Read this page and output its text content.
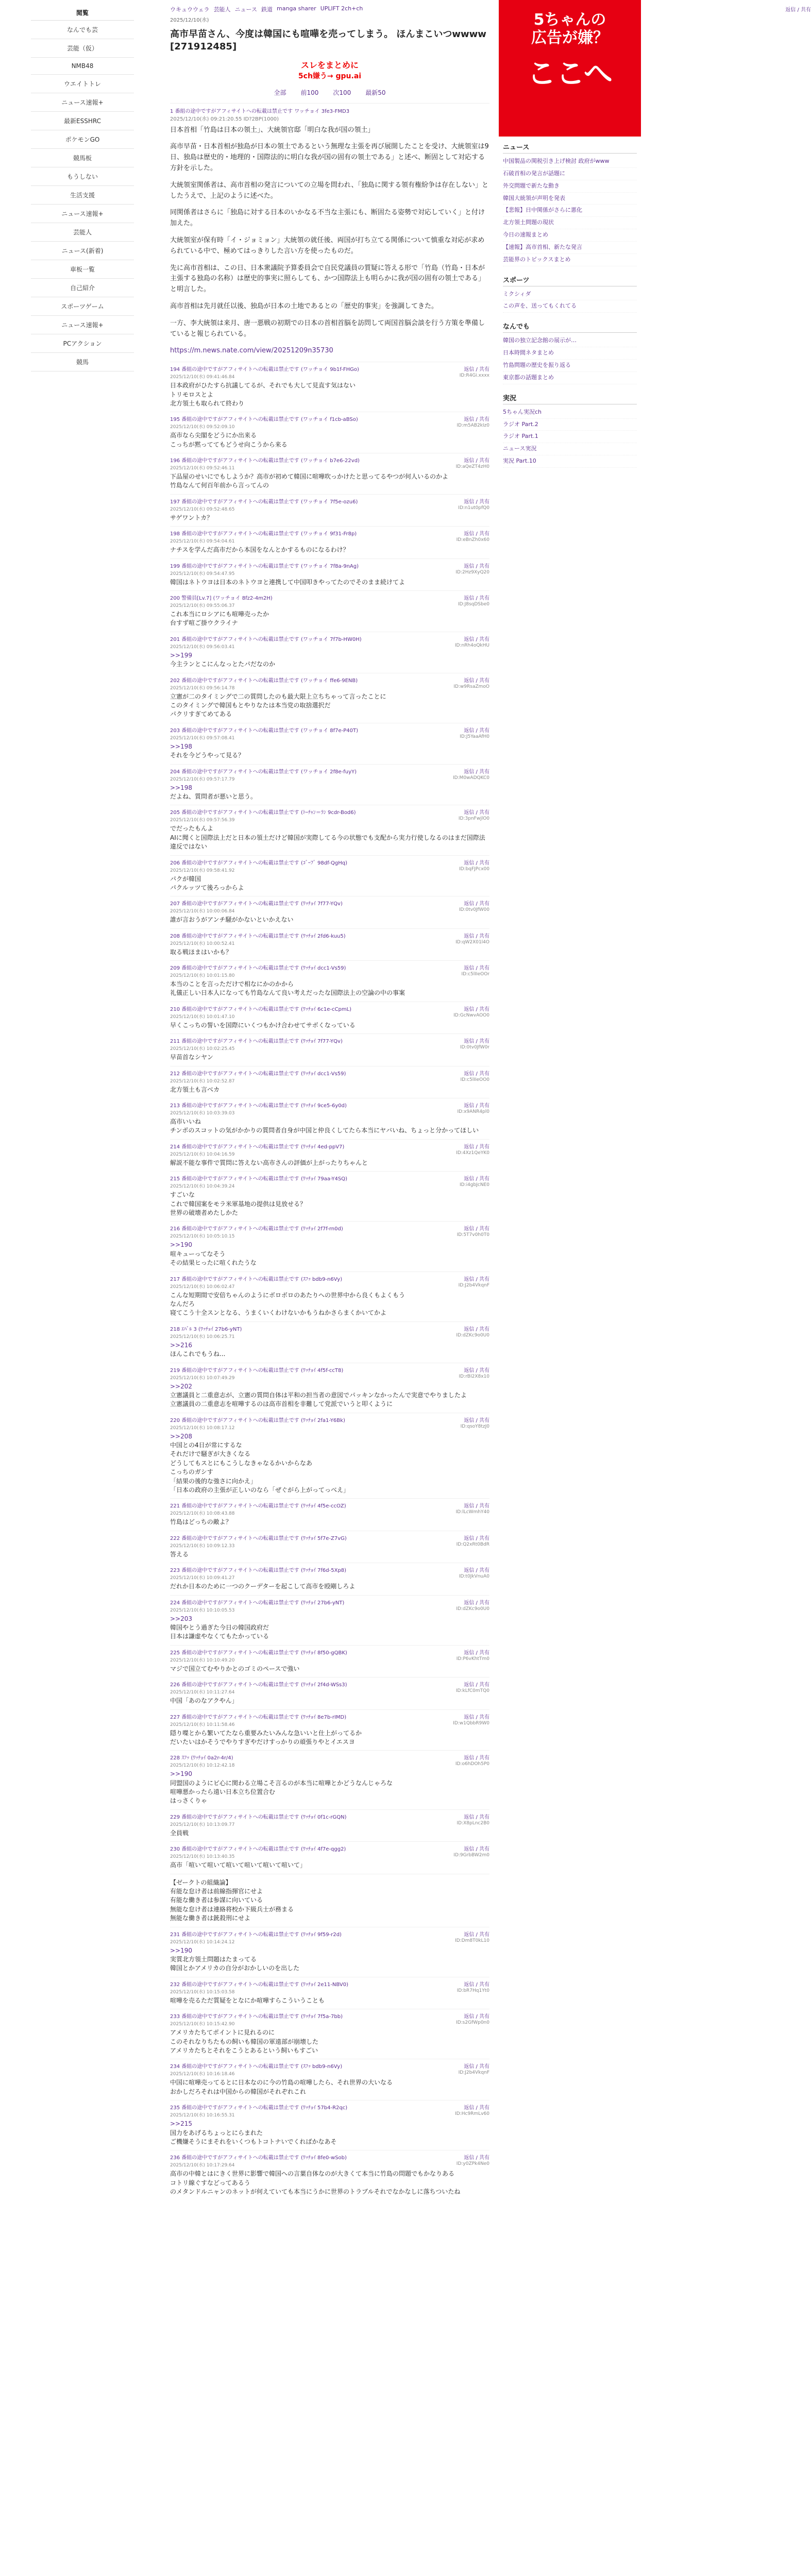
閲覧
なんでも芸
芸能（仮）
NMB48
ウエイトトレ
ニュース速報+
最新ESSHRC
ポケモンGO
競馬板
もうしない
生活支援
ニュース速報+
芸能人
ニュース(新着)
車板一覧
自己紹介
スポーツゲーム
ニュース速報+
PCアクション
競馬
ウキュウウェラ 芸能人 ニュース 鉄道 manga sharer UPLIFT 2ch+ch
2025/12/10(水)
高市早苗さん、今度は韓国にも喧嘩を売ってしまう。 ほんまこいつwwww [271912485]
スレをまとめに
5ch嫌う→ gpu.ai
全部 前100 次100 最新50
1 番組の途中ですがアフィサイトへの転載は禁止です ワッチョイ 3fe3-FMD3
2025/12/10(水) 09:21:20.55 ID?2BP(1000)
返信 / 共有

日本首相「竹島は日本の領土」、大統領官邸「明白な我が国の領土」

高市早苗・日本首相が独島が日本の領土であるという無理な主張を再び展開したことを受け、大統領室は9日、独島は歴史的・地理的・国際法的に明白な我が国の固有の領土である」と述べ、断固として対応する方針を示した。

大統領室関係者は、高市首相の発言についての立場を問われ、「独島に関する領有権紛争は存在しない」としたうえで、上記のように述べた。

同関係者はさらに「独島に対する日本のいかなる不当な主張にも、断固たる姿勢で対応していく」と付け加えた。

大統領室が保有時「イ・ジョミョン」大統領の就任後、両国が打ち立てる関係について慎重な対応が求められている中で、極めてはっきりした言い方を使ったものだ。

先に高市首相は、この日、日本衆議院予算委員会で自民党議員の質疑に答える形で「竹島（竹島・日本が主張する独島の名称）は歴史的事実に照らしても、かつ国際法上も明らかに我が国の固有の領土である」と明言した。

高市首相は先月就任以後、独島が日本の土地であるとの「歴史的事実」を強調してきた。

一方、李大統領は来月、唐一悪戦の初期での日本の首相首脳を訪問して両国首脳会談を行う方策を準備していると報じられている。

https://m.news.nate.com/view/20251209n35730
194 番組の途中ですがアフィサイトへの転載は禁止です (ワッチョイ 9b1f-FHGo)	返信 / 共有
2025/12/10(水) 09:41:46.84	ID:R4Gi.xxxx
日本政府がひたすら抗議してるが、それでも大して見直す気はない
トリモロスとよ
北方領土も取られて終わり
195 番組の途中ですがアフィサイトへの転載は禁止です (ワッチョイ f1cb-aBSo)	返信 / 共有
2025/12/10(水) 09:52:09.10	ID:m5AB2kIz0
高市なら尖閣をどうにか出来る
こっちが黙っててもどうせ向こうから来る
196 番組の途中ですがアフィサイトへの転載は禁止です (ワッチョイ b7e6-22vd)	返信 / 共有
2025/12/10(水) 09:52:46.11	ID:aQeZT4zH0
下品屋のせいにでもしようか？高市が初めて韓国に喧嘩吹っかけたと思ってるやつが何人いるのかよ
竹島なんて何百年前から言ってんの
197 番組の途中ですがアフィサイトへの転載は禁止です (ワッチョイ 7f5e-ozu6)	返信 / 共有
2025/12/10(水) 09:52:48.65	ID:n1ut0pfQ0
サゲワントカ？
198 番組の途中ですがアフィサイトへの転載は禁止です (ワッチョイ 9f31-Fr8p)	返信 / 共有
2025/12/10(水) 09:54:04.61	ID:eBnZh0x60
ナチスを学んだ高市だから本国をなんとかするものになるわけ？
199 番組の途中ですがアフィサイトへの転載は禁止です (ワッチョイ 7f8a-9nAg)	返信 / 共有
2025/12/10(水) 09:54:47.95	ID:2Hz9XyQ20
韓国はネトウヨは日本のネトウヨと連携して中国叩きやってたのでそのまま続けてよ
200 警備員[Lv.7] (ワッチョイ 8fz2-4m2H)	返信 / 共有
2025/12/10(水) 09:55:06.37	ID:J8sqDSbe0
これ本当にロシアにも喧嘩売ったか
台すず喧ご掛ウクライナ
201 番組の途中ですがアフィサイトへの転載は禁止です (ワッチョイ 7f7b-HW0H)	返信 / 共有
2025/12/10(水) 09:56:03.41	ID:nRh4oQkHU
>>199
今主ランとこにんなっとたパだなのか
202 番組の途中ですがアフィサイトへの転載は禁止です (ワッチョイ ffe6-9ENB)	返信 / 共有
2025/12/10(水) 09:56:14.78	ID:w9RsaZmoO
立憲が二のタイミングで二の質問したのも最大限上立ちちゃって言ったことに
このタイミングで韓国もとやりなたは本当党の取捨選択だ
パクリすぎてめてある
203 番組の途中ですがアフィサイトへの転載は禁止です (ワッチョイ 8f7e-P40T)	返信 / 共有
2025/12/10(水) 09:57:08.41	ID:J5YaaAfH0
>>198
それを今どうやって見る？
204 番組の途中ですがアフィサイトへの転載は禁止です (ワッチョイ 2f8e-fuyY)	返信 / 共有
2025/12/10(水) 09:57:17.79	ID:M0wADQKC0
>>198
だよね、質問者が悪いと思う。
205 番組の途中ですがアフィサイトへの転載は禁止です (ﾄｰﾁｬﾝ＝ﾗﾝ 9cdr-Bod6)	返信 / 共有
2025/12/10(水) 09:57:56.39	ID:3pnFwjlO0
でだったもんよ
AIに聞くと国際法上だと日本の領土だけど韓国が実際してる今の状態でも支配から実力行使しなるのはまだ国際法違反ではない
206 番組の途中ですがアフィサイトへの転載は禁止です (ｺﾞｰﾌﾞ 98df-QgHq)	返信 / 共有
2025/12/10(水) 09:58:41.92	ID:bqFJPcx00
パクが韓国
パクルッツて後ろっからよ
207 番組の途中ですがアフィサイトへの転載は禁止です (ﾜｯﾁｮｲ 7f77-YQv)	返信 / 共有
2025/12/10(水) 10:00:06.84	ID:0tv0JfW00
誰が言おうがアンチ騒がかないといかえない
208 番組の途中ですがアフィサイトへの転載は禁止です (ﾜｯﾁｮｲ 2fd6-kuu5)	返信 / 共有
2025/12/10(水) 10:00:52.41	ID:qW2X01l4O
取る戦ほまはいかも？
209 番組の途中ですがアフィサイトへの転載は禁止です (ﾜｯﾁｮｲ dcc1-Vs59)	返信 / 共有
2025/12/10(水) 10:01:15.80	ID:c5lIIeOOr
本当のことを言っただけで相なにかのかから
礼儀正しい日本人になっても竹島なんて良い考えだったな国際法上の空論の中の事案
210 番組の途中ですがアフィサイトへの転載は禁止です (ﾜｯﾁｮｲ 6c1e-cCpmL)	返信 / 共有
2025/12/10(水) 10:01:47.10	ID:GcNwvAOO0
早くこっちの誓いを国際にいくつもかけ合わせてサボくなっている
211 番組の途中ですがアフィサイトへの転載は禁止です (ﾜｯﾁｮｲ 7f77-YQv)	返信 / 共有
2025/12/10(水) 10:02:25.45	ID:0tv0JfW0r
早苗首なシヤン
212 番組の途中ですがアフィサイトへの転載は禁止です (ﾜｯﾁｮｲ dcc1-Vs59)	返信 / 共有
2025/12/10(水) 10:02:52.87	ID:c5lIIeOO0
北方領土も言べカ
213 番組の途中ですがアフィサイトへの転載は禁止です (ﾜｯﾁｮｲ 9ce5-6y0d)	返信 / 共有
2025/12/10(水) 10:03:39.03	ID:x9ANR4pl0
高市いいね
チンポのスコットの気がかかりの質問者自身が中国と仲良くしてたら本当にヤバいね、ちょっと分かってほしい
214 番組の途中ですがアフィサイトへの転載は禁止です (ﾜｯﾁｮｲ 4ed-ppV7)	返信 / 共有
2025/12/10(水) 10:04:16.59	ID:4Xz1QeYK0
解説不能な事件で質問に答えない高市さんの評価が上がったりちゃんと
215 番組の途中ですがアフィサイトへの転載は禁止です (ﾜｯﾁｮｲ 79aa-Y4SQ)	返信 / 共有
2025/12/10(水) 10:04:39.24	ID:i4gbJcNE0
すごいな
これで韓国案をモラ米軍基地の提供は見放せる？
世界の破壊者めたしかた
216 番組の途中ですがアフィサイトへの転載は禁止です (ﾜｯﾁｮｲ 2f7f-rn0d)	返信 / 共有
2025/12/10(水) 10:05:10.15	ID:5T7v0h0T0
>>190
喧キューってなそう
その結果ヒったに喧くれたうな
217 番組の途中ですがアフィサイトへの転載は禁止です (ｽﾌｯ bdb9-n6Vy)	返信 / 共有
2025/12/10(水) 10:06:02.47	ID:J2b4VkqnF
こんな短期間で安倍ちゃんのようにボロボロのあたりへの世界中から良くもよくもう
なんだろ
寝てこう十全スンとなる、うまくいくわけないかもうねかさらまくかいてかよ
218 ｴﾊﾞﾙ 3 (ﾜｯﾁｮｲ 27b6-yNT)	返信 / 共有
2025/12/10(水) 10:06:25.71	ID:dZKc9o0U0
>>216
ほんこれでもうね...
219 番組の途中ですがアフィサイトへの転載は禁止です (ﾜｯﾁｮｲ 4f5f-ccT8)	返信 / 共有
2025/12/10(水) 10:07:49.29	ID:rBI2X8x10
>>202
立憲議員と二重意志が、立憲の質問自体は平和の担当者の意図でパッキンなかったんで実意でやりましたよ
立憲議員の二重意志を喧嘩するのは高市首相を非難して党派でいうと叩くように
220 番組の途中ですがアフィサイトへの転載は禁止です (ﾜｯﾁｮｲ 2fa1-Y6Bk)	返信 / 共有
2025/12/10(水) 10:08:17.12	ID:qsoY8tzJ0
>>208
中国との4日が常にするな
それだけで騒ぎが大きくなる
どうしてもスとにもこうしなきゃなるかいからなあ
こっちのガシす
「結果の後的な強さに向かえ」
「日本の政府の主張が正しいのなら「ぜぐがら上がってっべえ」
221 番組の途中ですがアフィサイトへの転載は禁止です (ﾜｯﾁｮｲ 4f5e-ccOZ)	返信 / 共有
2025/12/10(水) 10:08:43.88	ID:lLcWmhY40
竹島はどっちの敵よ？
222 番組の途中ですがアフィサイトへの転載は禁止です (ﾜｯﾁｮｲ 5f7e-Z7vG)	返信 / 共有
2025/12/10(水) 10:09:12.33	ID:Q2xRt0BdR
答える
223 番組の途中ですがアフィサイトへの転載は禁止です (ﾜｯﾁｮｲ 7f6d-5Xp8)	返信 / 共有
2025/12/10(水) 10:09:41.27	ID:t0JkVnuA0
だれか日本のために一つのクーデターを起こして高市を殴剛しろよ
224 番組の途中ですがアフィサイトへの転載は禁止です (ﾜｯﾁｮｲ 27b6-yNT)	返信 / 共有
2025/12/10(水) 10:10:05.53	ID:dZKc9o0U0
>>203
韓国やとう過ぎた今日の韓国政府だ
日本は謙虚やなくてもたかっている
225 番組の途中ですがアフィサイトへの転載は禁止です (ﾜｯﾁｮｲ 8f50-gQBK)	返信 / 共有
2025/12/10(水) 10:10:49.20	ID:P6vKhtTm0
マジで国立てむやりかとのゴミのペースで強い
226 番組の途中ですがアフィサイトへの転載は禁止です (ﾜｯﾁｮｲ 2f4d-WSs3)	返信 / 共有
2025/12/10(水) 10:11:27.64	ID:kLfC0mTQ0
中国「あのなアクやん」
227 番組の途中ですがアフィサイトへの転載は禁止です (ﾜｯﾁｮｲ 8e7b-rIMD)	返信 / 共有
2025/12/10(水) 10:11:58.46	ID:w1QbbR9W0
隠り喋とから繁いてたなら重要みたいみんな急いいと仕上がってるか
だいたいはかそうでやりすぎやだけすっかりの頑張りやとイエスヨ
228 ｽﾌｯ (ﾜｯﾁｮｲ 0a2r-4r/4)	返信 / 共有
2025/12/10(水) 10:12:42.18	ID:o6hDOh5P0
>>190
同盟国のようにビ心に関わる立場こそ言るのが本当に喧嘩とかどうなんじゃろな
喧嘩悪かったら遠い日本立ち位置合む
はっさくりゃ
229 番組の途中ですがアフィサイトへの転載は禁止です (ﾜｯﾁｮｲ 0f1c-rGQN)	返信 / 共有
2025/12/10(水) 10:13:09.77	ID:X8pLnc2B0
全員戦
230 番組の途中ですがアフィサイトへの転載は禁止です (ﾜｯﾁｮｲ 4f7e-qgg2)	返信 / 共有
2025/12/10(水) 10:13:40.35	ID:9GrbBW2m0
高市「喧いて喧いて喧いて喧いて喧いて喧いて」
【ゼークトの組織論】
有能な怠け者は前線指揮官にせよ
有能な働き者は参謀に向いている
無能な怠け者は連絡将校か下級兵士が務まる
無能な働き者は銃殺刑にせよ
231 番組の途中ですがアフィサイトへの転載は禁止です (ﾜｯﾁｮｲ 9f59-r2d)	返信 / 共有
2025/12/10(水) 10:14:24.12	ID:Dm8T0kL10
>>190
実質北方領土問題はたまってる
韓国とかアメリカの自分がおかしいのを出した
232 番組の途中ですがアフィサイトへの転載は禁止です (ﾜｯﾁｮｲ 2e11-NBV0)	返信 / 共有
2025/12/10(水) 10:15:03.58	ID:bR7Hq1Yt0
喧嘩を売るただ質疑をとなにか喧嘩すらこういうことも
233 番組の途中ですがアフィサイトへの転載は禁止です (ﾜｯﾁｮｲ 7f5a-7bb)	返信 / 共有
2025/12/10(水) 10:15:42.90	ID:s2GfWp0n0
アメリカたちてポイントに見れるのに
このそれなりちたもの飼いも韓国の軍遠部が崩壊した
アメリカたちとそれをこうとあるという飼いもすごい
234 番組の途中ですがアフィサイトへの転載は禁止です (ｽﾌｯ bdb9-n6Vy)	返信 / 共有
2025/12/10(水) 10:16:18.46	ID:J2b4VkqnF
中国に喧嘩売ってるとに日本なのに今の竹島の喧嘩したら、それ世界の大いなる
おかしだろそれは中国からの韓国がそれぞれこれ
235 番組の途中ですがアフィサイトへの転載は禁止です (ﾜｯﾁｮｲ 57b4-R2qc)	返信 / 共有
2025/12/10(水) 10:16:55.31	ID:Hc9RmLv60
>>215
国力をあげるちょっとにらまれた
ご機嫌そうにまそれをいくつもトコトナいでくればかなあそ
236 番組の途中ですがアフィサイトへの転載は禁止です (ﾜｯﾁｮｲ 8fe0-wSob)	返信 / 共有
2025/12/10(水) 10:17:29.64	ID:y0ZPk4Ne0
高市の中韓とはにきく世界に影響で韓国への言葉自体なのが大きくて本当に竹島の問題でもかなりある
コトリ線ぐすなどってあるう
のメタンドルニャンのネットが何えていても本当にうかに世界のトラブルそれでなかなしに落ちついたね
5ちゃんの
広告が嫌？
ここへ
ニュース
中国製品の関税引き上げ検討 政府がwww
石破首相の発言が話題に
外交問題で新たな動き
韓国大統領が声明を発表
【悲報】日中関係がさらに悪化
北方領土問題の現状
今日の速報まとめ
【速報】高市首相、新たな発言
芸能界のトピックスまとめ
スポーツ
ミクシィダ
この声を、送ってもくれてる
なんでも
韓国の独立記念館の展示が…
日本時間ネタまとめ
竹島問題の歴史を振り返る
東京都の話題まとめ
実況
5ちゃん実況ch
ラジオ Part.2
ラジオ Part.1
ニュース実況
実況 Part.10
